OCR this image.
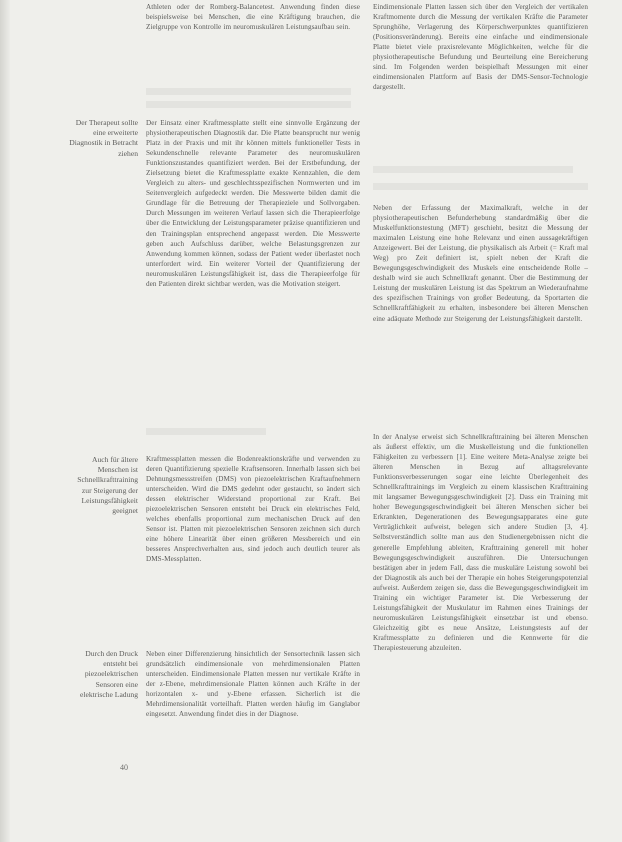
Athleten oder der Romberg-Balancetest. Anwendung finden diese beispielsweise bei Menschen, die eine Kräftigung brauchen, die Zielgruppe von Kontrolle im neuromuskulären Leistungsaufbau sein.
Der Einsatz einer Kraftmessplatte stellt eine sinnvolle Ergänzung der physiotherapeutischen Diagnostik dar. Die Platte beansprucht nur wenig Platz in der Praxis und mit ihr können mittels funktioneller Tests in Sekundenschnelle relevante Parameter des neuromuskulären Funktionszustandes quantifiziert werden. Bei der Erstbefundung, der Zielsetzung bietet die Kraftmessplatte exakte Kennzahlen, die dem Vergleich zu alters- und geschlechtsspezifischen Normwerten und im Seitenvergleich aufgedeckt werden. Die Messwerte bilden damit die Grundlage für die Betreuung der Therapieziele und Sollvorgaben. Durch Messungen im weiteren Verlauf lassen sich die Therapieerfolge über die Entwicklung der Leistungsparameter präzise quantifizieren und den Trainingsplan entsprechend angepasst werden. Die Messwerte geben auch Aufschluss darüber, welche Belastungsgrenzen zur Anwendung kommen können, sodass der Patient weder überlastet noch unterfordert wird. Ein weiterer Vorteil der Quantifizierung der neuromuskulären Leistungsfähigkeit ist, dass die Therapieerfolge für den Patienten direkt sichtbar werden, was die Motivation steigert.
Kraftmessplatten messen die Bodenreaktionskräfte und verwenden zu deren Quantifizierung spezielle Kraftsensoren. Innerhalb lassen sich bei Dehnungsmessstreifen (DMS) von piezoelektrischen Kraftaufnehmern unterscheiden. Wird die DMS gedehnt oder gestaucht, so ändert sich dessen elektrischer Widerstand proportional zur Kraft. Bei piezoelektrischen Sensoren entsteht bei Druck ein elektrisches Feld, welches ebenfalls proportional zum mechanischen Druck auf den Sensor ist. Platten mit piezoelektrischen Sensoren zeichnen sich durch eine höhere Linearität über einen größeren Messbereich und ein besseres Ansprechverhalten aus, sind jedoch auch deutlich teurer als DMS-Messplatten.
Neben einer Differenzierung hinsichtlich der Sensortechnik lassen sich grundsätzlich eindimensionale von mehrdimensionalen Platten unterscheiden. Eindimensionale Platten messen nur vertikale Kräfte in der z-Ebene, mehrdimensionale Platten können auch Kräfte in der horizontalen x- und y-Ebene erfassen. Sicherlich ist die Mehrdimensionalität vorteilhaft. Platten werden häufig im Ganglabor eingesetzt. Anwendung findet dies in der Diagnose.
Der Therapeut sollte eine erweiterte Diagnostik in Betracht ziehen
Auch für ältere Menschen ist Schnellkrafttraining zur Steigerung der Leistungsfähigkeit geeignet
Durch den Druck entsteht bei piezoelektrischen Sensoren eine elektrische Ladung
Eindimensionale Platten lassen sich über den Vergleich der vertikalen Kraftmomente durch die Messung der vertikalen Kräfte die Parameter Sprunghöhe, Verlagerung des Körperschwerpunktes quantifizieren (Positionsveränderung). Bereits eine einfache und eindimensionale Platte bietet viele praxisrelevante Möglichkeiten, welche für die physiotherapeutische Befundung und Beurteilung eine Bereicherung sind. Im Folgenden werden beispielhaft Messungen mit einer eindimensionalen Plattform auf Basis der DMS-Sensor-Technologie dargestellt.
Neben der Erfassung der Maximalkraft, welche in der physiotherapeutischen Befunderhebung standardmäßig über die Muskelfunktionstestung (MFT) geschieht, besitzt die Messung der maximalen Leistung eine hohe Relevanz und einen aussagekräftigen Anzeigewert. Bei der Leistung, die physikalisch als Arbeit (= Kraft mal Weg) pro Zeit definiert ist, spielt neben der Kraft die Bewegungsgeschwindigkeit des Muskels eine entscheidende Rolle – deshalb wird sie auch Schnellkraft genannt. Über die Bestimmung der Leistung der muskulären Leistung ist das Spektrum an Wiederaufnahme des spezifischen Trainings von großer Bedeutung, da Sportarten die Schnellkraftfähigkeit zu erhalten, insbesondere bei älteren Menschen eine adäquate Methode zur Steigerung der Leistungsfähigkeit darstellt.
In der Analyse erweist sich Schnellkrafttraining bei älteren Menschen als äußerst effektiv, um die Muskelleistung und die funktionellen Fähigkeiten zu verbessern [1]. Eine weitere Meta-Analyse zeigte bei älteren Menschen in Bezug auf alltagsrelevante Funktionsverbesserungen sogar eine leichte Überlegenheit des Schnellkrafttrainings im Vergleich zu einem klassischen Krafttraining mit langsamer Bewegungsgeschwindigkeit [2]. Dass ein Training mit hoher Bewegungsgeschwindigkeit bei älteren Menschen sicher bei Erkrankten, Degenerationen des Bewegungsapparates eine gute Verträglichkeit aufweist, belegen sich andere Studien [3, 4]. Selbstverständlich sollte man aus den Studienergebnissen nicht die generelle Empfehlung ableiten, Krafttraining generell mit hoher Bewegungsgeschwindigkeit auszuführen. Die Untersuchungen bestätigen aber in jedem Fall, dass die muskuläre Leistung sowohl bei der Diagnostik als auch bei der Therapie ein hohes Steigerungspotenzial aufweist. Außerdem zeigen sie, dass die Bewegungsgeschwindigkeit im Training ein wichtiger Parameter ist. Die Verbesserung der Leistungsfähigkeit der Muskulatur im Rahmen eines Trainings der neuromuskulären Leistungsfähigkeit einsetzbar ist und ebenso. Gleichzeitig gibt es neue Ansätze, Leistungstests auf der Kraftmessplatte zu definieren und die Kennwerte für die Therapiesteuerung abzuleiten.
40
